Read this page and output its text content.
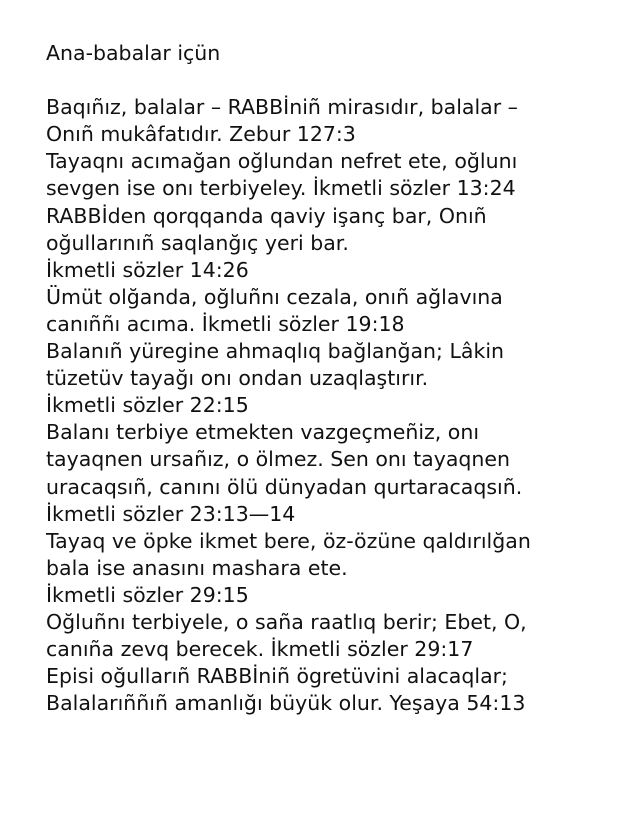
Ana-babalar içün
Baqıñız, balalar – RABBİniñ mirasıdır, balalar –
Onıñ mukâfatıdır. Zebur 127:3
Tayaqnı acımağan oğlundan nefret ete, oğlunı
sevgen ise onı terbiyeley. İkmetli sözler 13:24
RABBİden qorqqanda qaviy işanç bar, Onıñ
oğullarınıñ saqlanğıç yeri bar.
İkmetli sözler 14:26
Ümüt olğanda, oğluñnı cezala, onıñ ağlavına
canıññı acıma. İkmetli sözler 19:18
Balanıñ yüregine ahmaqlıq bağlanğan; Lâkin
tüzetüv tayağı onı ondan uzaqlaştırır.
İkmetli sözler 22:15
Balanı terbiye etmekten vazgeçmeñiz, onı
tayaqnen ursañız, o ölmez. Sen onı tayaqnen
uracaqsıñ, canını ölü dünyadan qurtaracaqsıñ.
İkmetli sözler 23:13—14
Tayaq ve öpke ikmet bere, öz-özüne qaldırılğan
bala ise anasını mashara ete.
İkmetli sözler 29:15
Oğluñnı terbiyele, o sañа raatlıq berir; Ebet, O,
canıña zevq berecek. İkmetli sözler 29:17
Episi oğullarıñ RABBİniñ ögretüvini alacaqlar;
Balalarıññıñ amanlığı büyük olur. Yeşaya 54:13
